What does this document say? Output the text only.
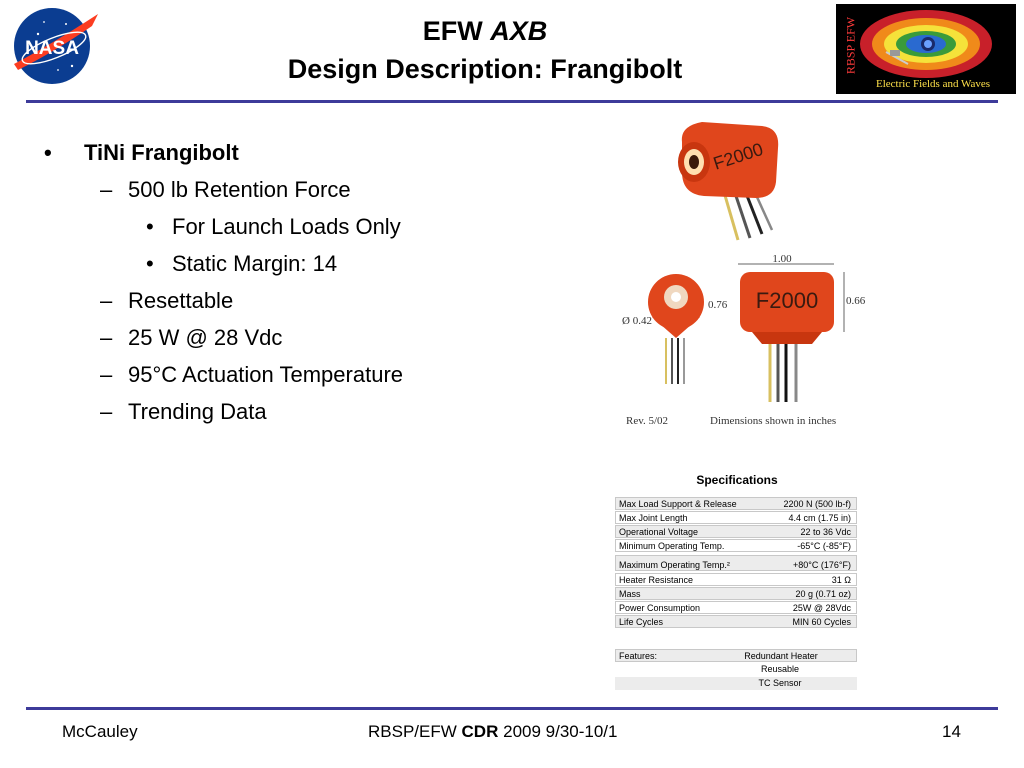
NASA
EFW AXB
Design Description: Frangibolt	RBSP EFW
Electric Fields and Waves
• TiNi Frangibolt
– 500 lb Retention Force
• For Launch Loads Only
• Static Margin: 14
– Resettable
– 25 W @ 28 Vdc
– 95°C Actuation Temperature
– Trending Data
F2000
Ø 0.42
0.76
1.00
F2000	0.66
Rev. 5/02	Dimensions shown in inches
Specifications
Max Load Support & Release	2200 N (500 lb-f)
Max Joint Length	4.4 cm (1.75 in)
Operational Voltage	22 to 36 Vdc
Minimum Operating Temp.	-65°C (-85°F)
Maximum Operating Temp.²	+80°C (176°F)
Heater Resistance	31 Ω
Mass	20 g (0.71 oz)
Power Consumption	25W @ 28Vdc
Life Cycles	MIN 60 Cycles
Features:	Redundant Heater
Reusable
TC Sensor
McCauley	RBSP/EFW CDR 2009 9/30-10/1	14
